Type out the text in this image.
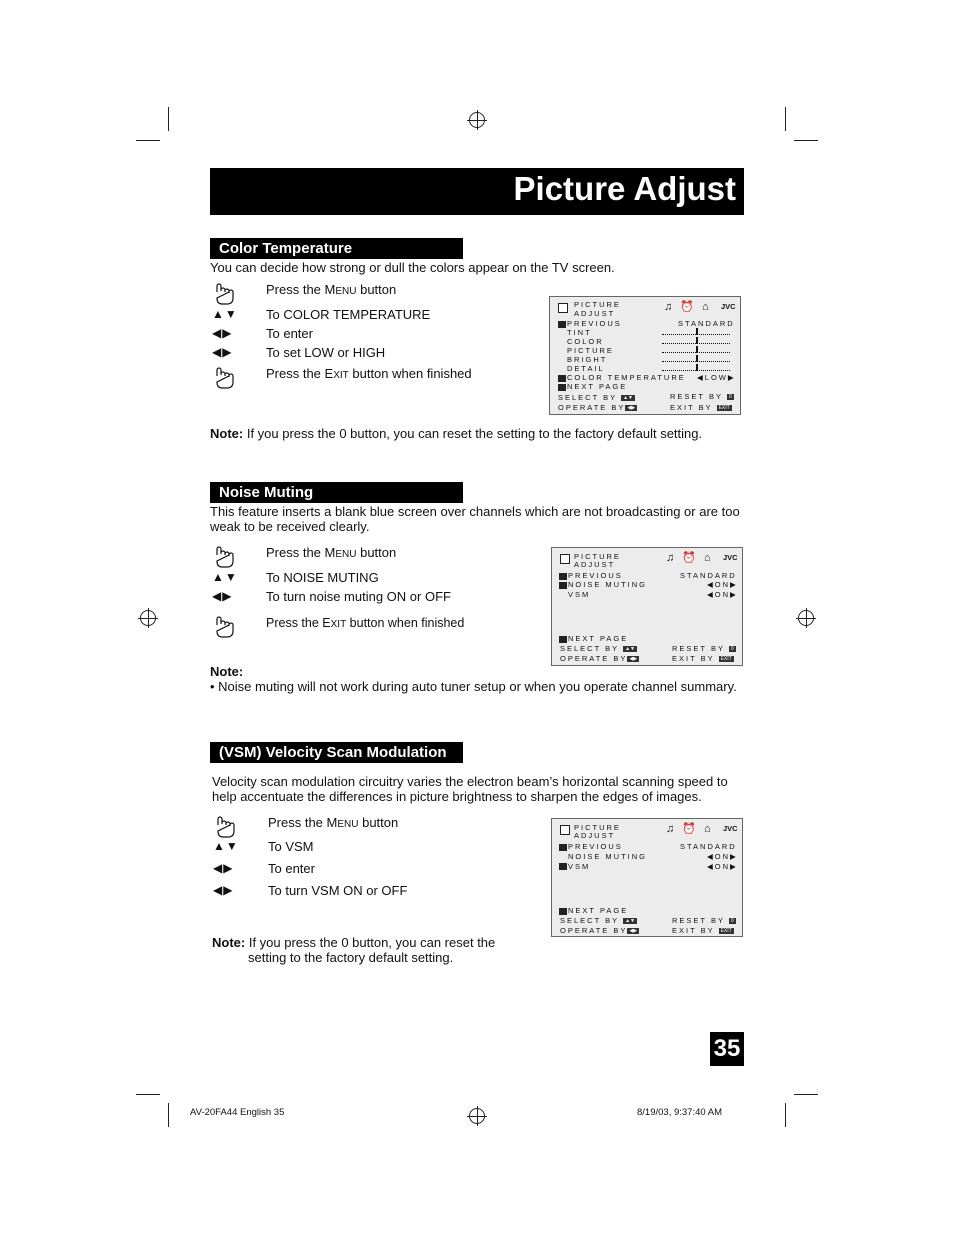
Picture Adjust
Color Temperature
You can decide how strong or dull the colors appear on the TV screen.
Press the MENU button
▲▼ To COLOR TEMPERATURE
◀▶	To enter
◀▶	To set LOW or HIGH
Press the EXIT button when finished
PICTURE
ADJUST
♫⏰⌂ JVC
PREVIOUS	STANDARD
TINT
COLOR
PICTURE
BRIGHT
DETAIL
COLOR TEMPERATURE ◀LOW▶
NEXT PAGE
SELECT BY ▲▼	RESET BY 0
OPERATE BY ◀▶	EXIT BY EXIT
Note: If you press the 0 button, you can reset the setting to the factory default setting.
Noise Muting
This feature inserts a blank blue screen over channels which are not broadcasting or are too weak to be received clearly.
Press the MENU button
▲▼ To NOISE MUTING
◀▶	To turn noise muting ON or OFF
Press the EXIT button when finished
PICTURE
ADJUST
♫⏰⌂ JVC
PREVIOUS	STANDARD
NOISE MUTING	◀ON▶
VSM	◀ON▶
NEXT PAGE
SELECT BY ▲▼	RESET BY 0
OPERATE BY ◀▶	EXIT BY EXIT
Note:
• Noise muting will not work during auto tuner setup or when you operate channel summary.
(VSM) Velocity Scan Modulation
Velocity scan modulation circuitry varies the electron beam’s horizontal scanning speed to help accentuate the differences in picture brightness to sharpen the edges of images.
Press the MENU button
▲▼ To VSM
◀▶	To enter
◀▶	To turn VSM ON or OFF
PICTURE
ADJUST
♫⏰⌂ JVC
PREVIOUS	STANDARD
NOISE MUTING	◀ON▶
VSM	◀ON▶
NEXT PAGE
SELECT BY ▲▼	RESET BY 0
OPERATE BY ◀▶	EXIT BY EXIT
Note: If you press the 0 button, you can reset the
setting to the factory default setting.
35
AV-20FA44 English 35	8/19/03, 9:37:40 AM
